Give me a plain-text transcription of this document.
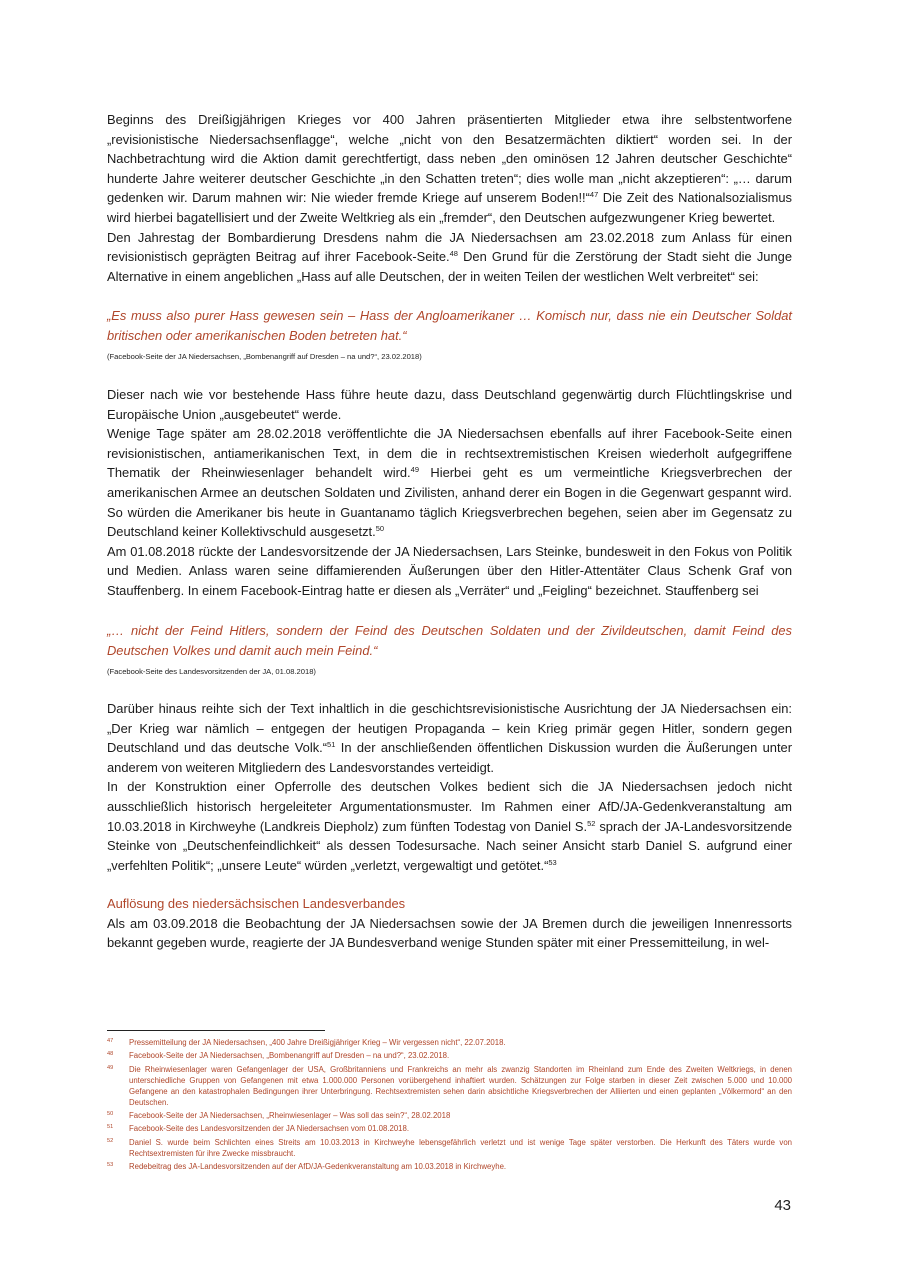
Beginns des Dreißigjährigen Krieges vor 400 Jahren präsentierten Mitglieder etwa ihre selbstentworfene „revisionistische Niedersachsenflagge“, welche „nicht von den Besatzermächten diktiert“ worden sei. In der Nachbetrachtung wird die Aktion damit gerechtfertigt, dass neben „den ominösen 12 Jahren deutscher Geschichte“ hunderte Jahre weiterer deutscher Geschichte „in den Schatten treten“; dies wolle man „nicht akzeptieren“: „… darum gedenken wir. Darum mahnen wir: Nie wieder fremde Kriege auf unserem Boden!!“$^{47}$ Die Zeit des Nationalsozialismus wird hierbei bagatellisiert und der Zweite Weltkrieg als ein „fremder“, den Deutschen aufgezwungener Krieg bewertet.

Den Jahrestag der Bombardierung Dresdens nahm die JA Niedersachsen am 23.02.2018 zum Anlass für einen revisionistisch geprägten Beitrag auf ihrer Facebook-Seite.$^{48}$ Den Grund für die Zerstörung der Stadt sieht die Junge Alternative in einem angeblichen „Hass auf alle Deutschen, der in weiten Teilen der westlichen Welt verbreitet“ sei:

„Es muss also purer Hass gewesen sein – Hass der Angloamerikaner … Komisch nur, dass nie ein Deutscher Soldat britischen oder amerikanischen Boden betreten hat.“

(Facebook-Seite der JA Niedersachsen, „Bombenangriff auf Dresden – na und?“, 23.02.2018)

Dieser nach wie vor bestehende Hass führe heute dazu, dass Deutschland gegenwärtig durch Flüchtlingskrise und Europäische Union „ausgebeutet“ werde.

Wenige Tage später am 28.02.2018 veröffentlichte die JA Niedersachsen ebenfalls auf ihrer Facebook-Seite einen revisionistischen, antiamerikanischen Text, in dem die in rechtsextremistischen Kreisen wiederholt aufgegriffene Thematik der Rheinwiesenlager behandelt wird.$^{49}$ Hierbei geht es um vermeintliche Kriegsverbrechen der amerikanischen Armee an deutschen Soldaten und Zivilisten, anhand derer ein Bogen in die Gegenwart gespannt wird. So würden die Amerikaner bis heute in Guantanamo täglich Kriegsverbrechen begehen, seien aber im Gegensatz zu Deutschland keiner Kollektivschuld ausgesetzt.$^{50}$

Am 01.08.2018 rückte der Landesvorsitzende der JA Niedersachsen, Lars Steinke, bundesweit in den Fokus von Politik und Medien. Anlass waren seine diffamierenden Äußerungen über den Hitler-Attentäter Claus Schenk Graf von Stauffenberg. In einem Facebook-Eintrag hatte er diesen als „Verräter“ und „Feigling“ bezeichnet. Stauffenberg sei

„… nicht der Feind Hitlers, sondern der Feind des Deutschen Soldaten und der Zivildeutschen, damit Feind des Deutschen Volkes und damit auch mein Feind.“

(Facebook-Seite des Landesvorsitzenden der JA, 01.08.2018)

Darüber hinaus reihte sich der Text inhaltlich in die geschichtsrevisionistische Ausrichtung der JA Niedersachsen ein: „Der Krieg war nämlich – entgegen der heutigen Propaganda – kein Krieg primär gegen Hitler, sondern gegen Deutschland und das deutsche Volk.“$^{51}$ In der anschließenden öffentlichen Diskussion wurden die Äußerungen unter anderem von weiteren Mitgliedern des Landesvorstandes verteidigt.

In der Konstruktion einer Opferrolle des deutschen Volkes bedient sich die JA Niedersachsen jedoch nicht ausschließlich historisch hergeleiteter Argumentationsmuster. Im Rahmen einer AfD/JA-Gedenkveranstaltung am 10.03.2018 in Kirchweyhe (Landkreis Diepholz) zum fünften Todestag von Daniel S.$^{52}$ sprach der JA-Landesvorsitzende Steinke von „Deutschenfeindlichkeit“ als dessen Todesursache. Nach seiner Ansicht starb Daniel S. aufgrund einer „verfehlten Politik“; „unsere Leute“ würden „verletzt, vergewaltigt und getötet.“$^{53}$

Auflösung des niedersächsischen Landesverbandes

Als am 03.09.2018 die Beobachtung der JA Niedersachsen sowie der JA Bremen durch die jeweiligen Innenressorts bekannt gegeben wurde, reagierte der JA Bundesverband wenige Stunden später mit einer Pressemitteilung, in wel-

47	Pressemitteilung der JA Niedersachsen, „400 Jahre Dreißigjähriger Krieg – Wir vergessen nicht“, 22.07.2018.
48	Facebook-Seite der JA Niedersachsen, „Bombenangriff auf Dresden – na und?“, 23.02.2018.
49	Die Rheinwiesenlager waren Gefangenlager der USA, Großbritanniens und Frankreichs an mehr als zwanzig Standorten im Rheinland zum Ende des Zweiten Weltkriegs, in denen unterschiedliche Gruppen von Gefangenen mit etwa 1.000.000 Personen vorübergehend inhaftiert wurden. Schätzungen zur Folge starben in dieser Zeit zwischen 5.000 und 10.000 Gefangene an den katastrophalen Bedingungen ihrer Unterbringung. Rechtsextremisten sehen darin absichtliche Kriegsverbrechen der Alliierten und einen geplanten „Völkermord“ an den Deutschen.
50	Facebook-Seite der JA Niedersachsen, „Rheinwiesenlager – Was soll das sein?“, 28.02.2018
51	Facebook-Seite des Landesvorsitzenden der JA Niedersachsen vom 01.08.2018.
52	Daniel S. wurde beim Schlichten eines Streits am 10.03.2013 in Kirchweyhe lebensgefährlich verletzt und ist wenige Tage später verstorben. Die Herkunft des Täters wurde von Rechtsextremisten für ihre Zwecke missbraucht.
53	Redebeitrag des JA-Landesvorsitzenden auf der AfD/JA-Gedenkveranstaltung am 10.03.2018 in Kirchweyhe.
43
